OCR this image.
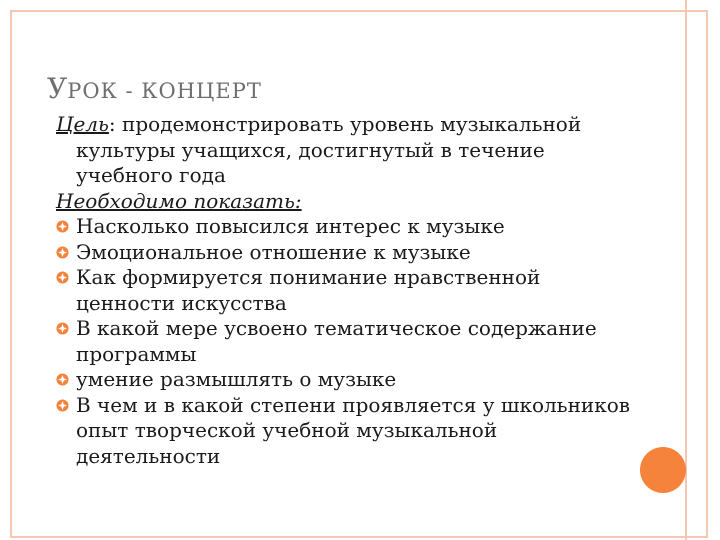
УРОК - КОНЦЕРТ
Цель: продемонстрировать уровень музыкальной
культуры учащихся, достигнутый в течение
учебного года
Необходимо показать:
Насколько повысился интерес к музыке
Эмоциональное отношение к музыке
Как формируется понимание нравственной
ценности искусства
В какой мере усвоено тематическое содержание
программы
умение размышлять о музыке
В чем и в какой степени проявляется у школьников
опыт творческой учебной музыкальной
деятельности
